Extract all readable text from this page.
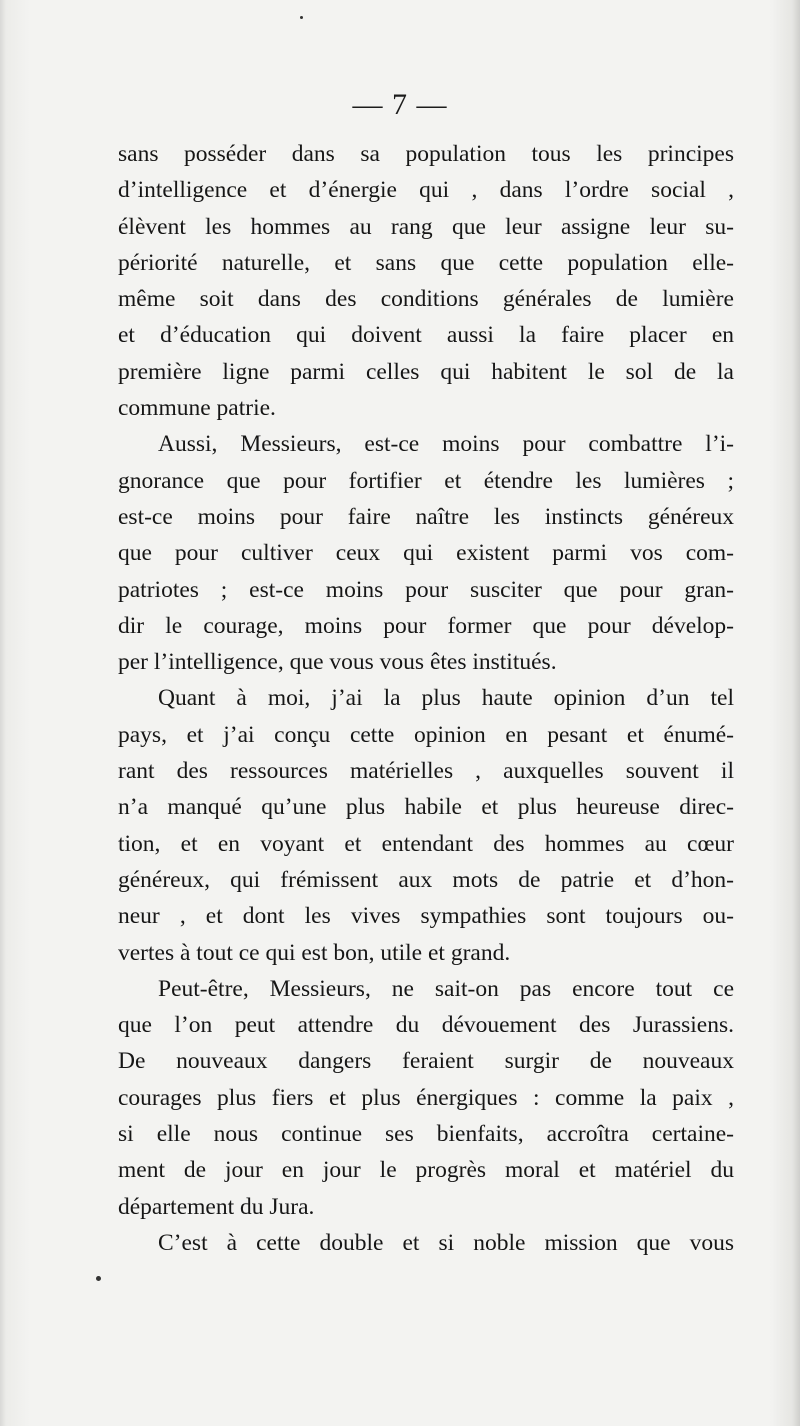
— 7 —
sans posséder dans sa population tous les principes
d’intelligence et d’énergie qui , dans l’ordre social ,
élèvent les hommes au rang que leur assigne leur su-
périorité naturelle, et sans que cette population elle-
même soit dans des conditions générales de lumière
et d’éducation qui doivent aussi la faire placer en
première ligne parmi celles qui habitent le sol de la
commune patrie.
Aussi, Messieurs, est-ce moins pour combattre l’i-
gnorance que pour fortifier et étendre les lumières ;
est-ce moins pour faire naître les instincts généreux
que pour cultiver ceux qui existent parmi vos com-
patriotes ; est-ce moins pour susciter que pour gran-
dir le courage, moins pour former que pour dévelop-
per l’intelligence, que vous vous êtes institués.
Quant à moi, j’ai la plus haute opinion d’un tel
pays, et j’ai conçu cette opinion en pesant et énumé-
rant des ressources matérielles , auxquelles souvent il
n’a manqué qu’une plus habile et plus heureuse direc-
tion, et en voyant et entendant des hommes au cœur
généreux, qui frémissent aux mots de patrie et d’hon-
neur , et dont les vives sympathies sont toujours ou-
vertes à tout ce qui est bon, utile et grand.
Peut-être, Messieurs, ne sait-on pas encore tout ce
que l’on peut attendre du dévouement des Jurassiens.
De nouveaux dangers feraient surgir de nouveaux
courages plus fiers et plus énergiques : comme la paix ,
si elle nous continue ses bienfaits, accroîtra certaine-
ment de jour en jour le progrès moral et matériel du
département du Jura.
C’est à cette double et si noble mission que vous
